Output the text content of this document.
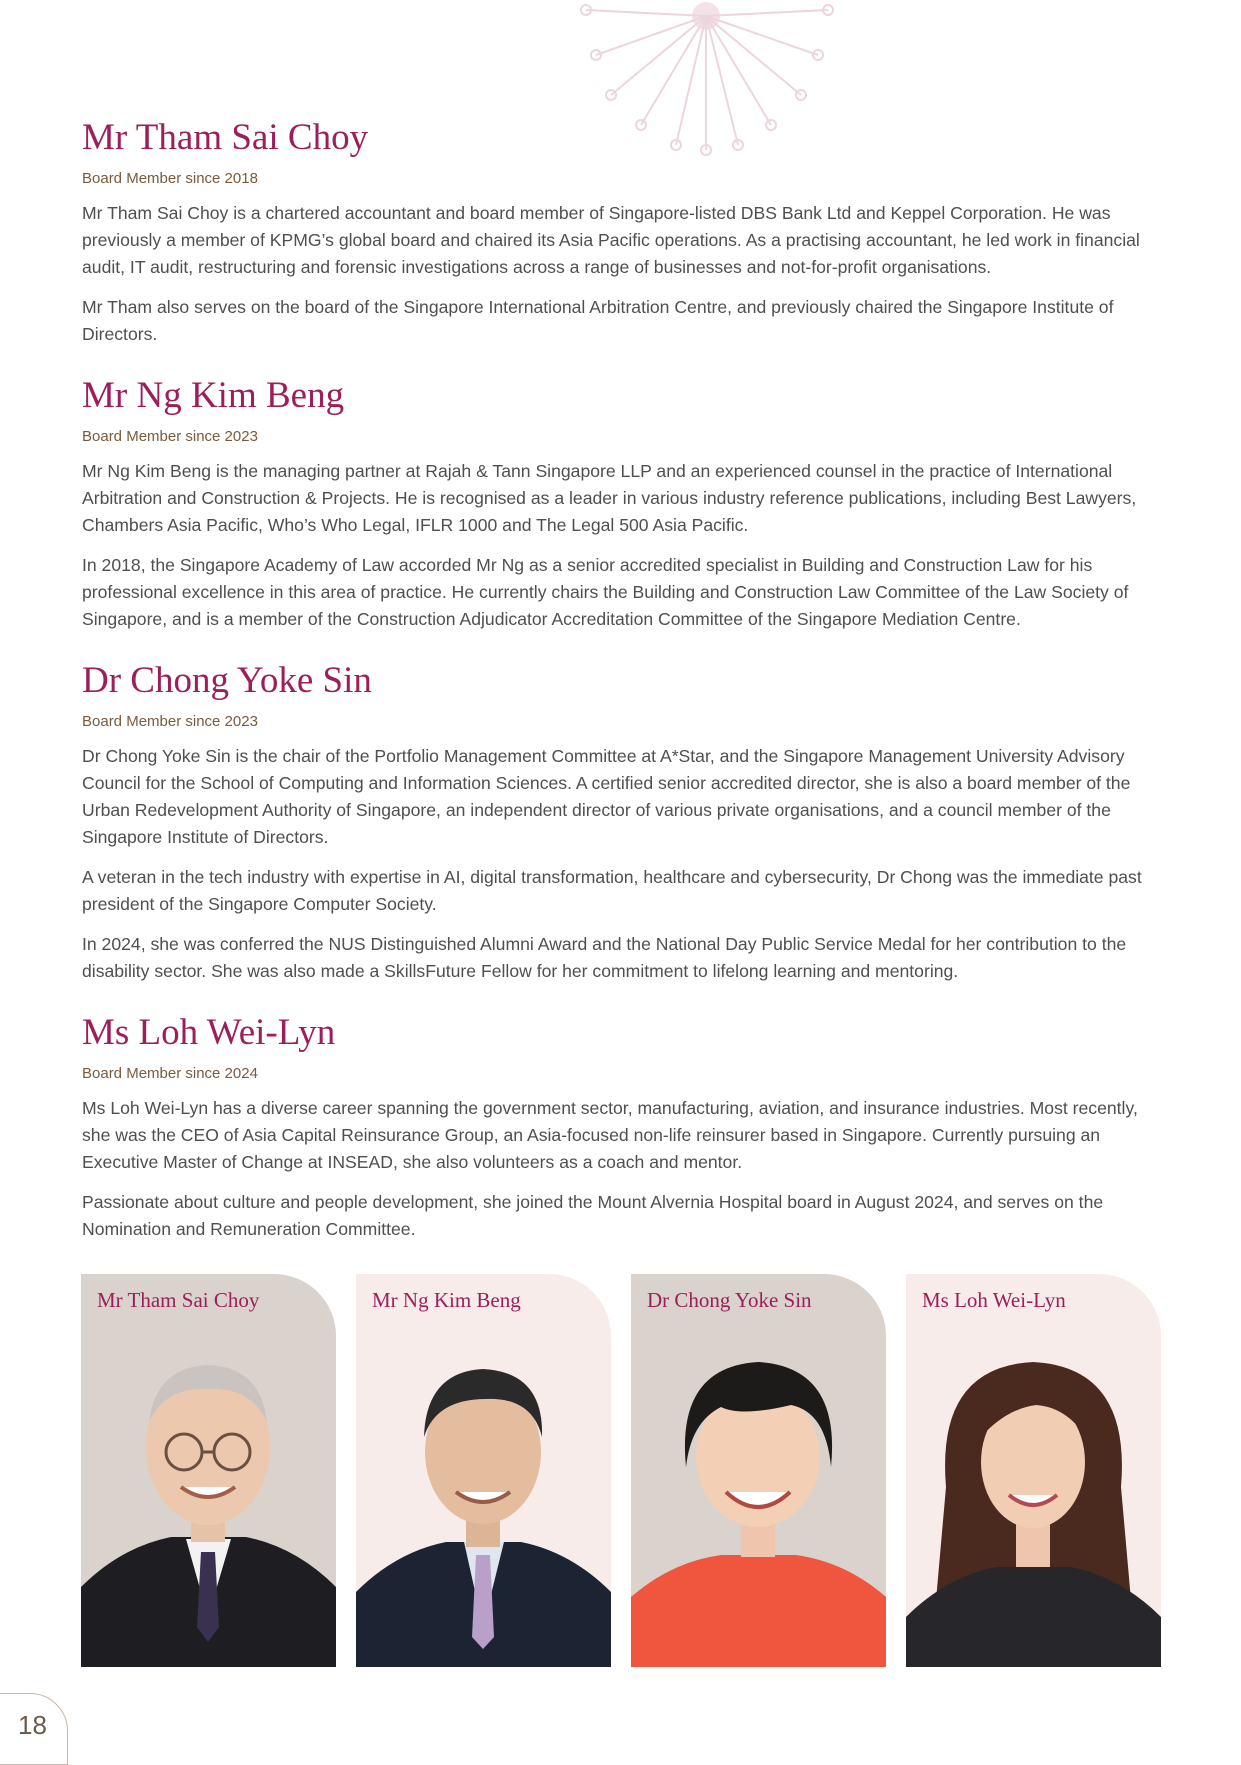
Mr Tham Sai Choy

Board Member since 2018

Mr Tham Sai Choy is a chartered accountant and board member of Singapore-listed DBS Bank Ltd and Keppel Corporation. He was previously a member of KPMG’s global board and chaired its Asia Pacific operations. As a practising accountant, he led work in financial audit, IT audit, restructuring and forensic investigations across a range of businesses and not-for-profit organisations.

Mr Tham also serves on the board of the Singapore International Arbitration Centre, and previously chaired the Singapore Institute of Directors.

Mr Ng Kim Beng

Board Member since 2023

Mr Ng Kim Beng is the managing partner at Rajah & Tann Singapore LLP and an experienced counsel in the practice of International Arbitration and Construction & Projects. He is recognised as a leader in various industry reference publications, including Best Lawyers, Chambers Asia Pacific, Who’s Who Legal, IFLR 1000 and The Legal 500 Asia Pacific.

In 2018, the Singapore Academy of Law accorded Mr Ng as a senior accredited specialist in Building and Construction Law for his professional excellence in this area of practice. He currently chairs the Building and Construction Law Committee of the Law Society of Singapore, and is a member of the Construction Adjudicator Accreditation Committee of the Singapore Mediation Centre.

Dr Chong Yoke Sin

Board Member since 2023

Dr Chong Yoke Sin is the chair of the Portfolio Management Committee at A*Star, and the Singapore Management University Advisory Council for the School of Computing and Information Sciences. A certified senior accredited director, she is also a board member of the Urban Redevelopment Authority of Singapore, an independent director of various private organisations, and a council member of the Singapore Institute of Directors.

A veteran in the tech industry with expertise in AI, digital transformation, healthcare and cybersecurity, Dr Chong was the immediate past president of the Singapore Computer Society.

In 2024, she was conferred the NUS Distinguished Alumni Award and the National Day Public Service Medal for her contribution to the disability sector. She was also made a SkillsFuture Fellow for her commitment to lifelong learning and mentoring.

Ms Loh Wei-Lyn

Board Member since 2024

Ms Loh Wei-Lyn has a diverse career spanning the government sector, manufacturing, aviation, and insurance industries. Most recently, she was the CEO of Asia Capital Reinsurance Group, an Asia-focused non-life reinsurer based in Singapore. Currently pursuing an Executive Master of Change at INSEAD, she also volunteers as a coach and mentor.

Passionate about culture and people development, she joined the Mount Alvernia Hospital board in August 2024, and serves on the Nomination and Remuneration Committee.

Mr Tham Sai Choy	Mr Ng Kim Beng	Dr Chong Yoke Sin	Ms Loh Wei-Lyn
18
